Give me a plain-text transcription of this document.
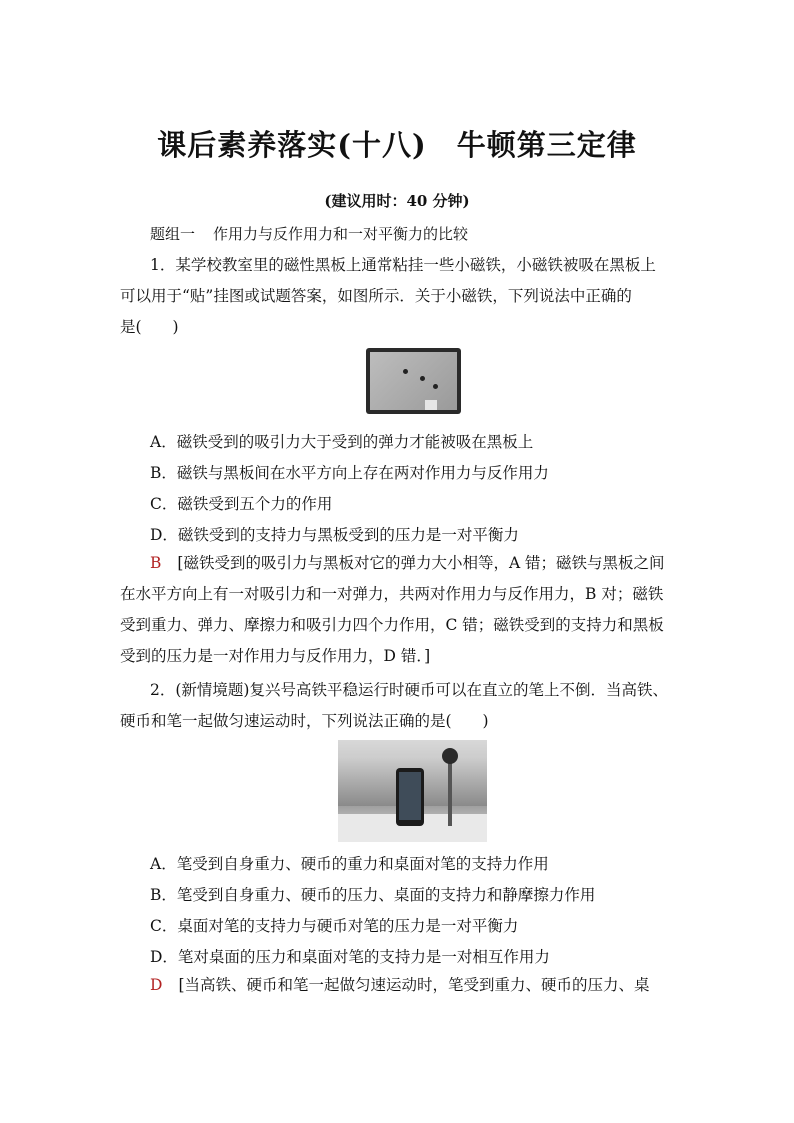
课后素养落实(十八)　牛顿第三定律
(建议用时：40 分钟)
题组一 作用力与反作用力和一对平衡力的比较
1．某学校教室里的磁性黑板上通常粘挂一些小磁铁，小磁铁被吸在黑板上
可以用于“贴”挂图或试题答案，如图所示．关于小磁铁，下列说法中正确的
是(　　)
A．磁铁受到的吸引力大于受到的弹力才能被吸在黑板上
B．磁铁与黑板间在水平方向上存在两对作用力与反作用力
C．磁铁受到五个力的作用
D．磁铁受到的支持力与黑板受到的压力是一对平衡力
B [磁铁受到的吸引力与黑板对它的弹力大小相等，A 错；磁铁与黑板之间
在水平方向上有一对吸引力和一对弹力，共两对作用力与反作用力，B 对；磁铁
受到重力、弹力、摩擦力和吸引力四个力作用，C 错；磁铁受到的支持力和黑板
受到的压力是一对作用力与反作用力，D 错．]
2．(新情境题)复兴号高铁平稳运行时硬币可以在直立的笔上不倒．当高铁、
硬币和笔一起做匀速运动时，下列说法正确的是(　　)
A．笔受到自身重力、硬币的重力和桌面对笔的支持力作用
B．笔受到自身重力、硬币的压力、桌面的支持力和静摩擦力作用
C．桌面对笔的支持力与硬币对笔的压力是一对平衡力
D．笔对桌面的压力和桌面对笔的支持力是一对相互作用力
D [当高铁、硬币和笔一起做匀速运动时，笔受到重力、硬币的压力、桌
